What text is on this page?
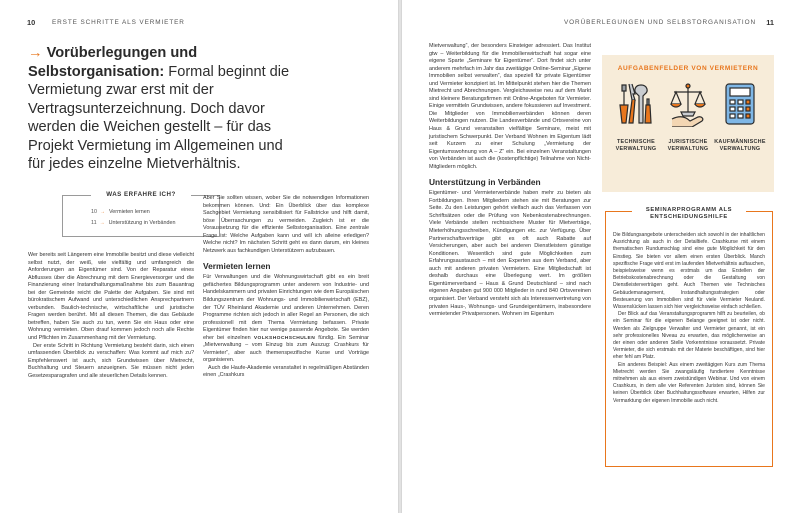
10	ERSTE SCHRITTE ALS VERMIETER
→ Vorüberlegungen und Selbstorganisation: Formal beginnt die Vermietung zwar erst mit der Vertragsunterzeichnung. Doch davor werden die Weichen gestellt – für das Projekt Vermietung im Allgemeinen und für jedes einzelne Mietverhältnis.
WAS ERFAHRE ICH?
10 → Vermieten lernen
11 → Unterstützung in Verbänden

Wer bereits seit Längerem eine Immobilie besitzt und diese vielleicht selbst nutzt, der weiß, wie vielfältig und umfangreich die Anforderungen an Eigentümer sind. Von der Reparatur eines Abflusses über die Abrechnung mit dem Energieversorger und die Finanzierung einer Instandhaltungsmaßnahme bis zum Bauantrag bei der Gemeinde reicht die Palette der Aufgaben. Sie sind mit bürokratischem Aufwand und unterschiedlichen Ansprechpartnern verbunden. Baulich-technische, wirtschaftliche und juristische Fragen werden berührt. Mit all diesen Themen, die das Gebäude betreffen, haben Sie auch zu tun, wenn Sie ein Haus oder eine Wohnung vermieten. Oben drauf kommen jedoch noch alle Rechte und Pflichten im Zusammenhang mit der Vermietung.

Der erste Schritt in Richtung Vermietung besteht darin, sich einen umfassenden Überblick zu verschaffen: Was kommt auf mich zu? Empfehlenswert ist auch, sich Grundwissen über Mietrecht, Buchhaltung und Steuern anzueignen. Sie müssen nicht jeden Gesetzesparagrafen und alle steuerlichen Details kennen.

Aber Sie sollten wissen, wober Sie die notwendigen Informationen bekommen können. Und: Ein Überblick über das komplexe Sachgebiet Vermietung sensibilisiert für Fallstricke und hilft damit, böse Überraschungen zu vermeiden. Zugleich ist er die Voraussetzung für die effiziente Selbstorganisation. Eine zentrale Frage ist: Welche Aufgaben kann und will ich alleine erledigen? Welche nicht? Im nächsten Schritt geht es dann darum, ein kleines Netzwerk aus fachkundigen Unterstützern aufzubauen.

Vermieten lernen

Für Verwaltungen und die Wohnungswirtschaft gibt es ein breit gefächertes Bildungsprogramm unter anderem von Industrie- und Handelskammern und privaten Einrichtungen wie dem Europäischen Bildungszentrum der Wohnungs- und Immobilienwirtschaft (EBZ), der TÜV Rheinland Akademie und anderen Unternehmen. Deren Programme richten sich jedoch in aller Regel an Personen, die sich professionell mit dem Thema Vermietung befassen. Private Eigentümer finden hier nur wenige passende Angebote. Sie werden eher bei einzelnen VOLKSHOCHSCHULEN fündig. Ein Seminar „Mietverwaltung – vom Einzug bis zum Auszug: Crashkurs für Vermieter“, aber auch themenspezifische Kurse und Vorträge organisieren.

Auch die Haufe-Akademie veranstaltet in regelmäßigen Abständen einen „Crashkurs

VORÜBERLEGUNGEN UND SELBSTORGANISATION 11

Mietverwaltung“, der besonders Einsteiger adressiert. Das Institut gtw – Weiterbildung für die Immobilienwirtschaft hat sogar eine eigene Sparte „Seminare für Eigentümer“. Dort findet sich unter anderem mehrfach im Jahr das zweitägige Online-Seminar „Eigene Immobilien selbst verwalten“, das speziell für private Eigentümer und Vermieter konzipiert ist. Im Mittelpunkt stehen hier die Themen Mietrecht und Abrechnungen. Vergleichsweise neu auf dem Markt sind kleinere Beratungsfirmen mit Online-Angeboten für Vermieter. Einige vermitteln Grundwissen, andere fokussieren auf Investment. Die Mitglieder von Immobilienverbänden können deren Weiterbildungen nutzen. Die Landesverbände und Ortsvereine von Haus & Grund veranstalten vielfältige Seminare, meist mit juristischem Schwerpunkt. Der Verband Wohnen im Eigentum lädt seit Kurzem zu einer Schulung „Vermietung der Eigentumswohnung von A – Z“ ein. Bei einzelnen Veranstaltungen von Verbänden ist auch die (kostenpflichtige) Teilnahme von Nicht-Mitgliedern möglich.

Unterstützung in Verbänden

Eigentümer- und Vermieterverbände haben mehr zu bieten als Fortbildungen. Ihren Mitgliedern stehen sie mit Beratungen zur Seite. Zu den Leistungen gehört vielfach auch das Verfassen von Schriftsätzen oder die Prüfung von Nebenkostenabrechnungen. Viele Verbände stellen rechtssichere Muster für Mietverträge, Mieterhöhungsschreiben, Kündigungen etc. zur Verfügung. Über Partnerschaftsverträge gibt es oft auch Rabatte auf Versicherungen, aber auch bei anderen Dienstleistern günstige Konditionen. Wesentlich sind gute Möglichkeiten zum Erfahrungsaustausch – mit den Experten aus dem Verband, aber auch mit anderen privaten Vermietern. Eine Mitgliedschaft ist deshalb durchaus eine Überlegung wert. Im größten Eigentümerverband – Haus & Grund Deutschland – sind nach eigenen Angaben gut 900 000 Mitglieder in rund 840 Ortsvereinen organisiert. Der Verband versteht sich als Interessenvertretung von privaten Haus-, Wohnungs- und Grundeigentümern, insbesondere vermietender Privatpersonen. Wohnen im Eigentum

AUFGABENFELDER VON VERMIETERN
TECHNISCHE
VERWALTUNG
JURISTISCHE
VERWALTUNG
KAUFMÄNNISCHE
VERWALTUNG
SEMINARPROGRAMM ALS
ENTSCHEIDUNGSHILFE

Die Bildungsangebote unterscheiden sich sowohl in der inhaltlichen Ausrichtung als auch in der Detailtiefe. Crashkurse mit einem thematischen Rundumschlag sind eine gute Möglichkeit für den Einstieg. Sie bieten vor allem einen ersten Überblick. Manch spezifische Frage wird erst im laufenden Mietverhältnis auftauchen, beispielsweise wenn es erstmals um das Erstellen der Betriebskostenabrechnung oder die Gestaltung von Dienstleisterverträgen geht. Auch Themen wie Technisches Gebäudemanagement, Instandhaltungsstrategien oder Besteuerung von Immobilien sind für viele Vermieter Neuland. Wissenslücken lassen sich hier vergleichsweise einfach schließen.

Der Blick auf das Veranstaltungsprogramm hilft zu beurteilen, ob ein Seminar für die eigenen Belange geeignet ist oder nicht. Werden als Zielgruppe Verwalter und Vermieter genannt, ist ein sehr professionelles Niveau zu erwarten, das möglicherweise an der einen oder anderen Stelle Vorkenntnisse voraussetzt. Private Vermieter, die sich erstmals mit der Materie beschäftigen, sind hier eher fehl am Platz.

Ein anderes Beispiel: Aus einem zweitägigen Kurs zum Thema Mietrecht werden Sie zwangsläufig fundiertere Kenntnisse mitnehmen als aus einem zweistündigen Webinar. Und von einem Crashkurs, in dem alle vier Referenten Juristen sind, können Sie keinen Überblick über Buchhaltungssoftware erwarten, Hilfen zur Vermarktung der eigenen Immobilie auch nicht.
